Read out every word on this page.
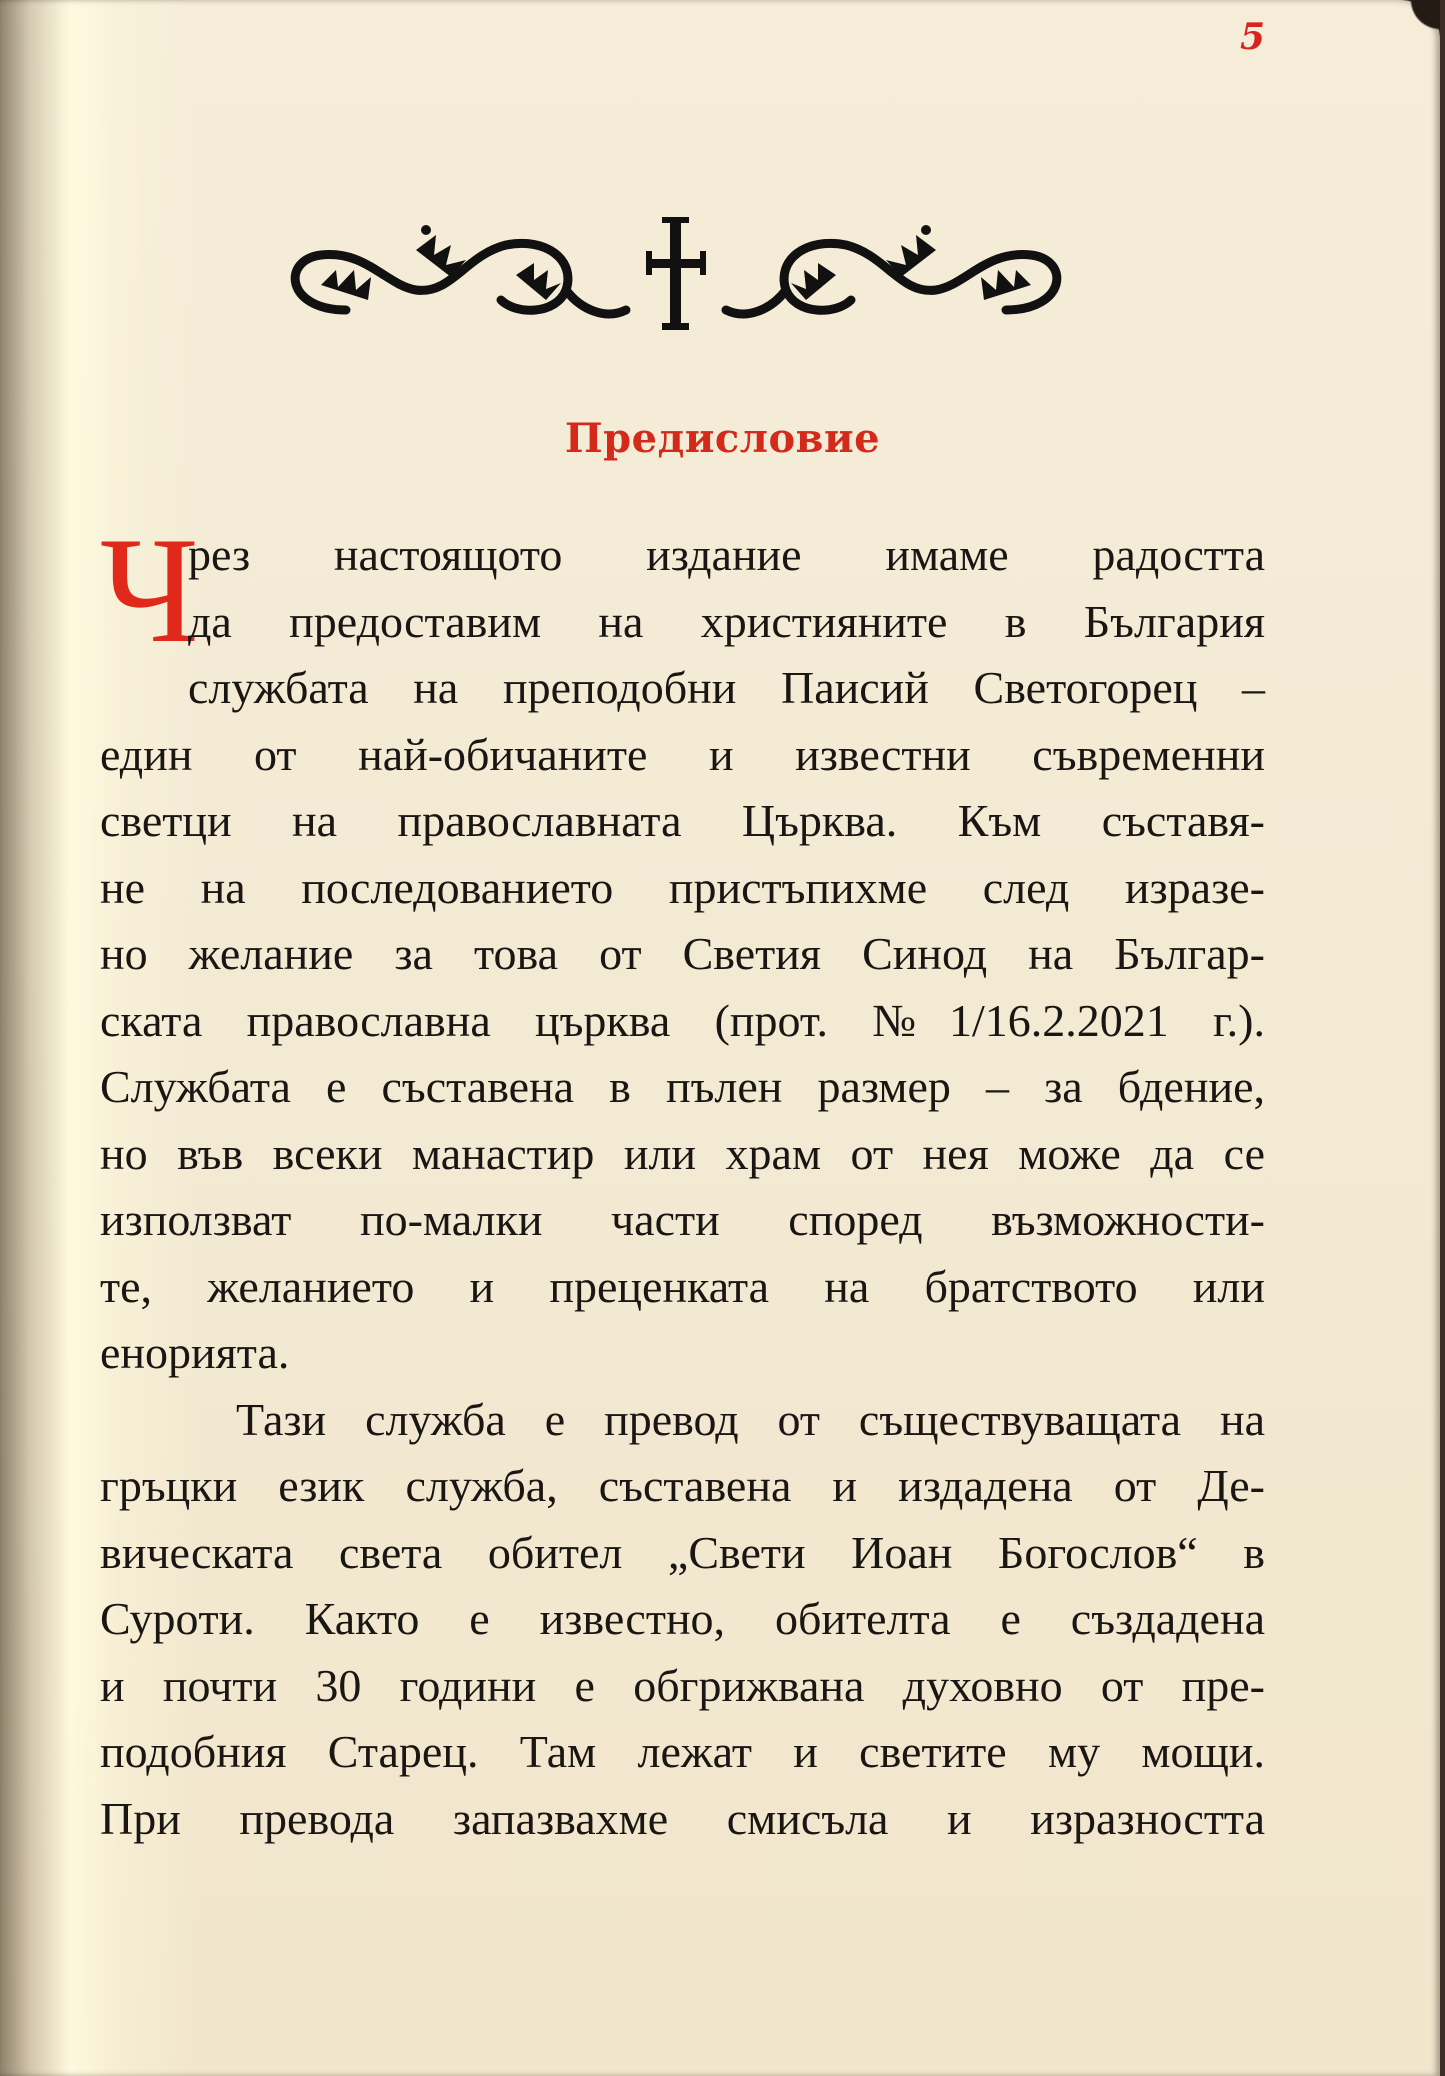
5
Предисловие
Ч
рез настоящото издание имаме радостта
да предоставим на християните в България
службата на преподобни Паисий Светогорец –
един от най-обичаните и известни съвременни
светци на православната Църква. Към съставя-
не на последованието пристъпихме след изразе-
но желание за това от Светия Синод на Българ-
ската православна църква (прот. №1/16.2.2021 г.).
Службата е съставена в пълен размер – за бдение,
но във всеки манастир или храм от нея може да се
използват по-малки части според възможности-
те, желанието и преценката на братството или
енорията.
Тази служба е превод от съществуващата на
гръцки език служба, съставена и издадена от Де-
вическата света обител „Свети Иоан Богослов“ в
Сурoти. Както е известно, обителта е създадена
и почти 30 години е обгрижвана духовно от пре-
подобния Старец. Там лежат и светите му мощи.
При превода запазвахме смисъла и изразността
